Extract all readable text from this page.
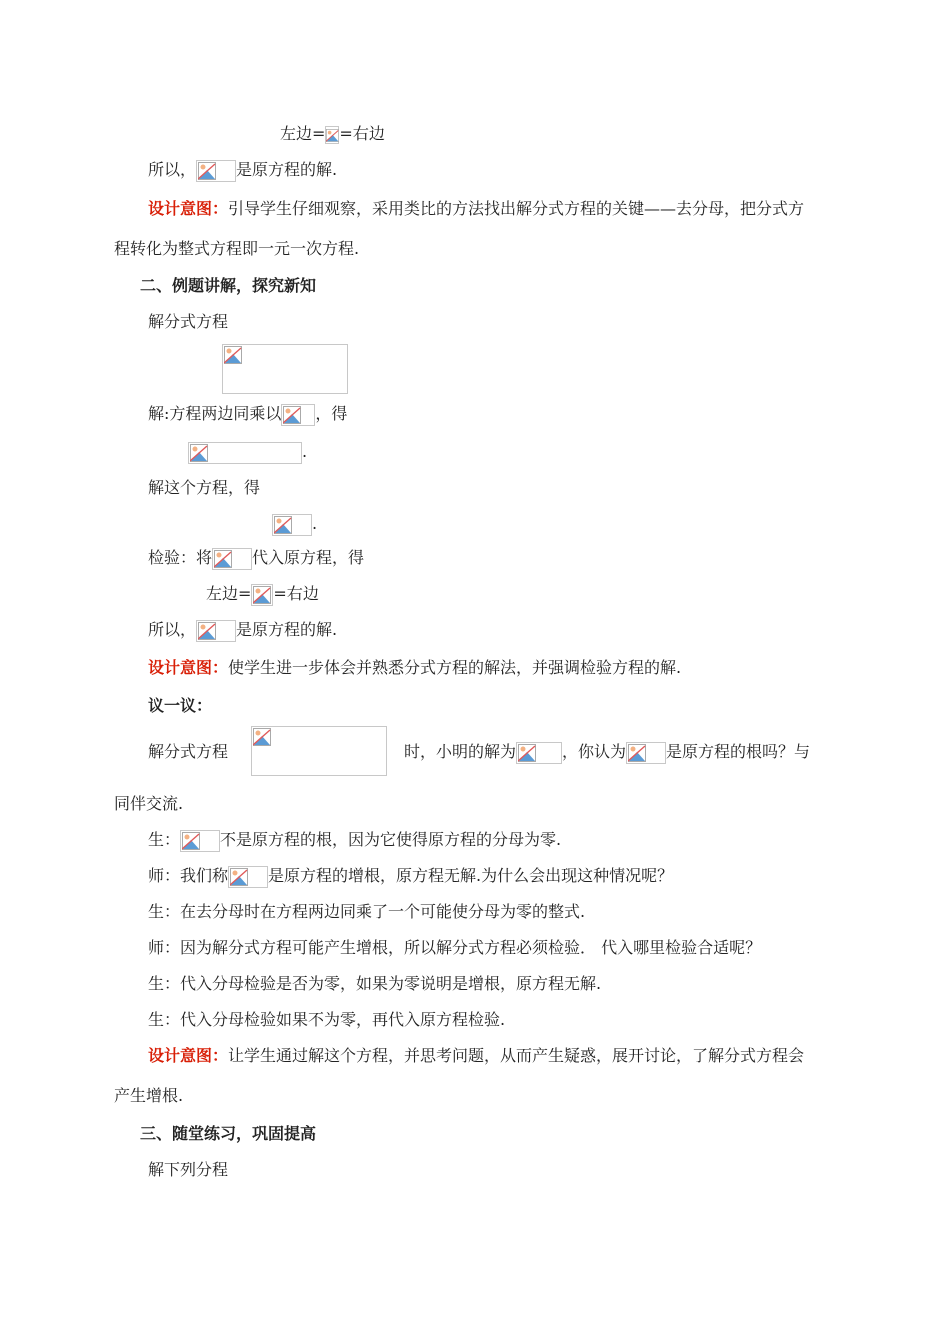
左边= =右边
所以，	是原方程的解.
设计意图：引导学生仔细观察，采用类比的方法找出解分式方程的关键——去分母，把分式方
程转化为整式方程即一元一次方程.
二、例题讲解，探究新知
解分式方程
解:方程两边同乘以 ，得
.
解这个方程，得
.
检验：将	代入原方程，得
左边= =右边
所以，	是原方程的解.
设计意图：使学生进一步体会并熟悉分式方程的解法，并强调检验方程的解.
议一议：
解分式方程	时，小明的解为	，你认为	是原方程的根吗？与
同伴交流.
生：	不是原方程的根，因为它使得原方程的分母为零.
师：我们称	是原方程的增根，原方程无解.为什么会出现这种情况呢？
生：在去分母时在方程两边同乘了一个可能使分母为零的整式.
师：因为解分式方程可能产生增根，所以解分式方程必须检验． 代入哪里检验合适呢？
生：代入分母检验是否为零，如果为零说明是增根，原方程无解.
生：代入分母检验如果不为零，再代入原方程检验.
设计意图：让学生通过解这个方程，并思考问题，从而产生疑惑，展开讨论，了解分式方程会
产生增根.
三、随堂练习，巩固提高
解下列分程
